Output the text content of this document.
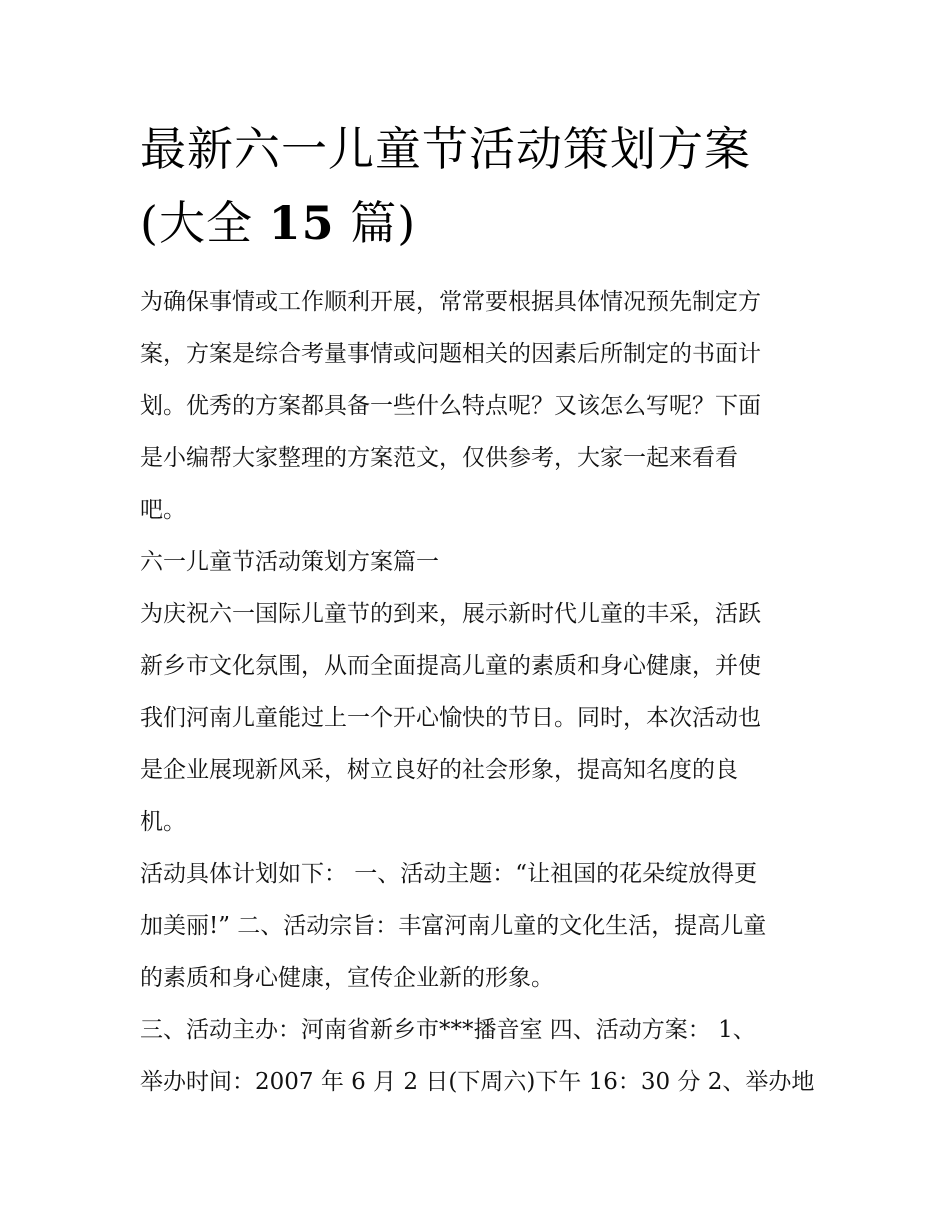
最新六一儿童节活动策划方案
(大全 15 篇)

为确保事情或工作顺利开展，常常要根据具体情况预先制定方
案，方案是综合考量事情或问题相关的因素后所制定的书面计
划。优秀的方案都具备一些什么特点呢？又该怎么写呢？下面
是小编帮大家整理的方案范文，仅供参考，大家一起来看看
吧。

六一儿童节活动策划方案篇一

为庆祝六一国际儿童节的到来，展示新时代儿童的丰采，活跃
新乡市文化氛围，从而全面提高儿童的素质和身心健康，并使
我们河南儿童能过上一个开心愉快的节日。同时，本次活动也
是企业展现新风采，树立良好的社会形象，提高知名度的良
机。

活动具体计划如下： 一、活动主题：“让祖国的花朵绽放得更
加美丽!” 二、活动宗旨：丰富河南儿童的文化生活，提高儿童
的素质和身心健康，宣传企业新的形象。

三、活动主办：河南省新乡市***播音室 四、活动方案： 1、
举办时间：2007 年 6 月 2 日(下周六)下午 16：30 分 2、举办地
